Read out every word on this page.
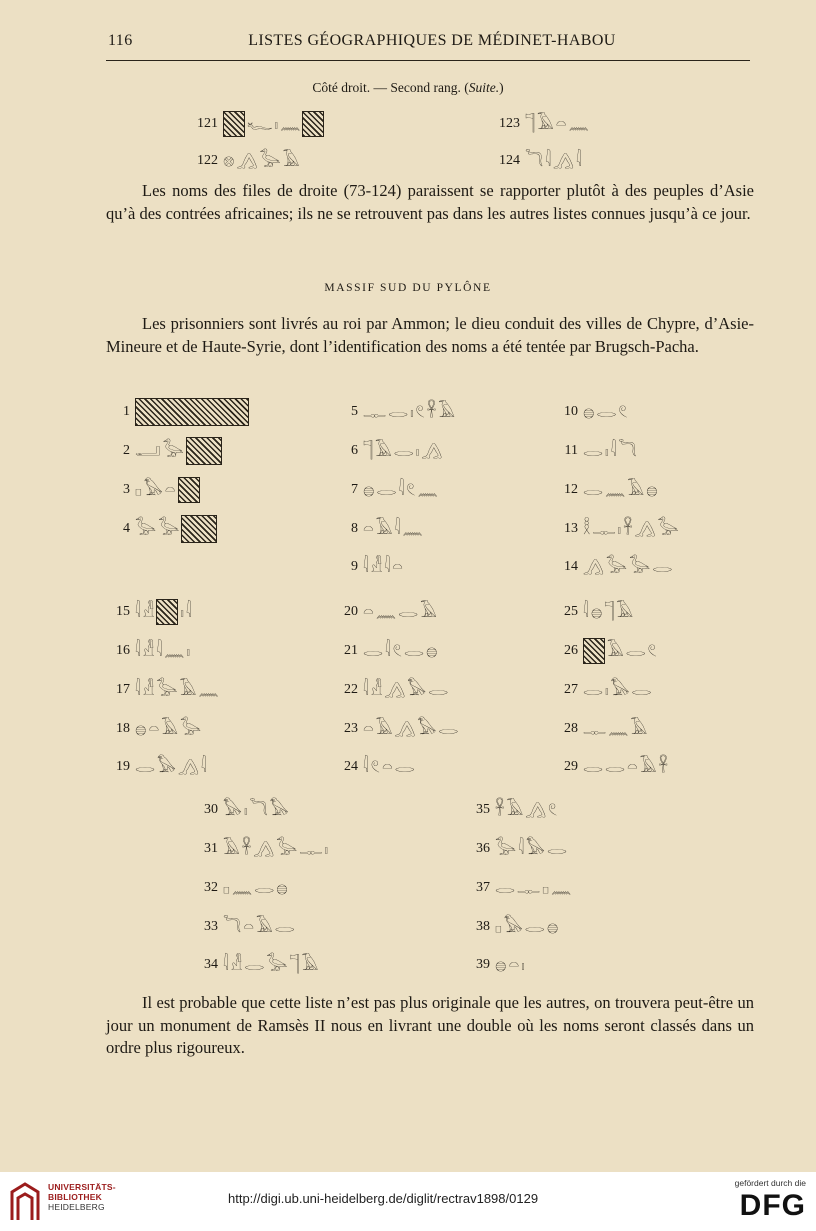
116	LISTES GÉOGRAPHIQUES DE MÉDINET-HABOU
Côté droit. — Second rang. (Suite.)
121 𓆑 𓏤 𓈖
122 𓊖 𓂻 𓅭 𓄿
123 𓊹 𓄿 𓏏 𓈖
124 𓆓 𓇋 𓂻 𓇋
1
2 𓂝 𓅭
3 𓊪 𓅃 𓏏
4 𓅭 𓅭
5 𓊃 𓂋 𓏤 𓏲 𓋹 𓄿
6 𓊹 𓄿 𓂋 𓏤 𓂻
7 𓐍 𓂋 𓇋 𓏲 𓈖
8 𓏏 𓄿 𓇋 𓈖
9 𓇋 𓁐 𓇋 𓏏
10 𓐍 𓂋 𓏲
11 𓂋 𓏤 𓇋 𓆓
12 𓂋 𓈖 𓄿 𓐍
13 𓎛 𓊃 𓏤 𓋹 𓂻 𓅭
14 𓂻 𓅭 𓅭 𓂋
15 𓇋 𓁐 𓏤 𓇋
16 𓇋 𓁐 𓇋 𓈖 𓏤
17 𓇋 𓁐 𓅭 𓄿 𓈖
18 𓐍 𓏏 𓄿 𓅭
19 𓂋 𓅃 𓂻 𓇋
20 𓏏 𓈖 𓂋 𓄿
21 𓂋 𓇋 𓏲 𓂋 𓐍
22 𓇋 𓁐 𓂻 𓅃 𓂋
23 𓏏 𓄿 𓂻 𓅃 𓂋
24 𓇋 𓏲 𓏏 𓂋
25 𓇋 𓐍 𓊹 𓄿
26 𓄿 𓂋 𓏲
27 𓂋 𓏤 𓅃 𓂋
28 𓊃 𓈖 𓄿
29 𓂋 𓂋 𓏏 𓄿 𓋹
30 𓅃 𓏤 𓆓 𓅃
31 𓄿 𓋹 𓂻 𓅭 𓊃 𓏤
32 𓊪 𓈖 𓂋 𓐍
33 𓆓 𓏏 𓄿 𓂋
34 𓇋 𓁐 𓂋 𓅭 𓊹 𓄿
35 𓋹 𓄿 𓂻 𓏲
36 𓅭 𓇋 𓅃 𓂋
37 𓂋 𓊃 𓊪 𓈖
38 𓊪 𓅃 𓂋 𓐍
39 𓐍 𓏏 𓏤
Les noms des files de droite (73-124) paraissent se rapporter plutôt à des peuples d’Asie qu’à des contrées africaines; ils ne se retrouvent pas dans les autres listes connues jusqu’à ce jour.
MASSIF SUD DU PYLÔNE
Les prisonniers sont livrés au roi par Ammon; le dieu conduit des villes de Chypre, d’Asie-Mineure et de Haute-Syrie, dont l’identification des noms a été tentée par Brugsch-Pacha.
Il est probable que cette liste n’est pas plus originale que les autres, on trouvera peut-être un jour un monument de Ramsès II nous en livrant une double où les noms seront classés dans un ordre plus rigoureux.
UNIVERSITÄTS-
BIBLIOTHEK
HEIDELBERG
http://digi.ub.uni-heidelberg.de/diglit/rectrav1898/0129
gefördert durch die
DFG
